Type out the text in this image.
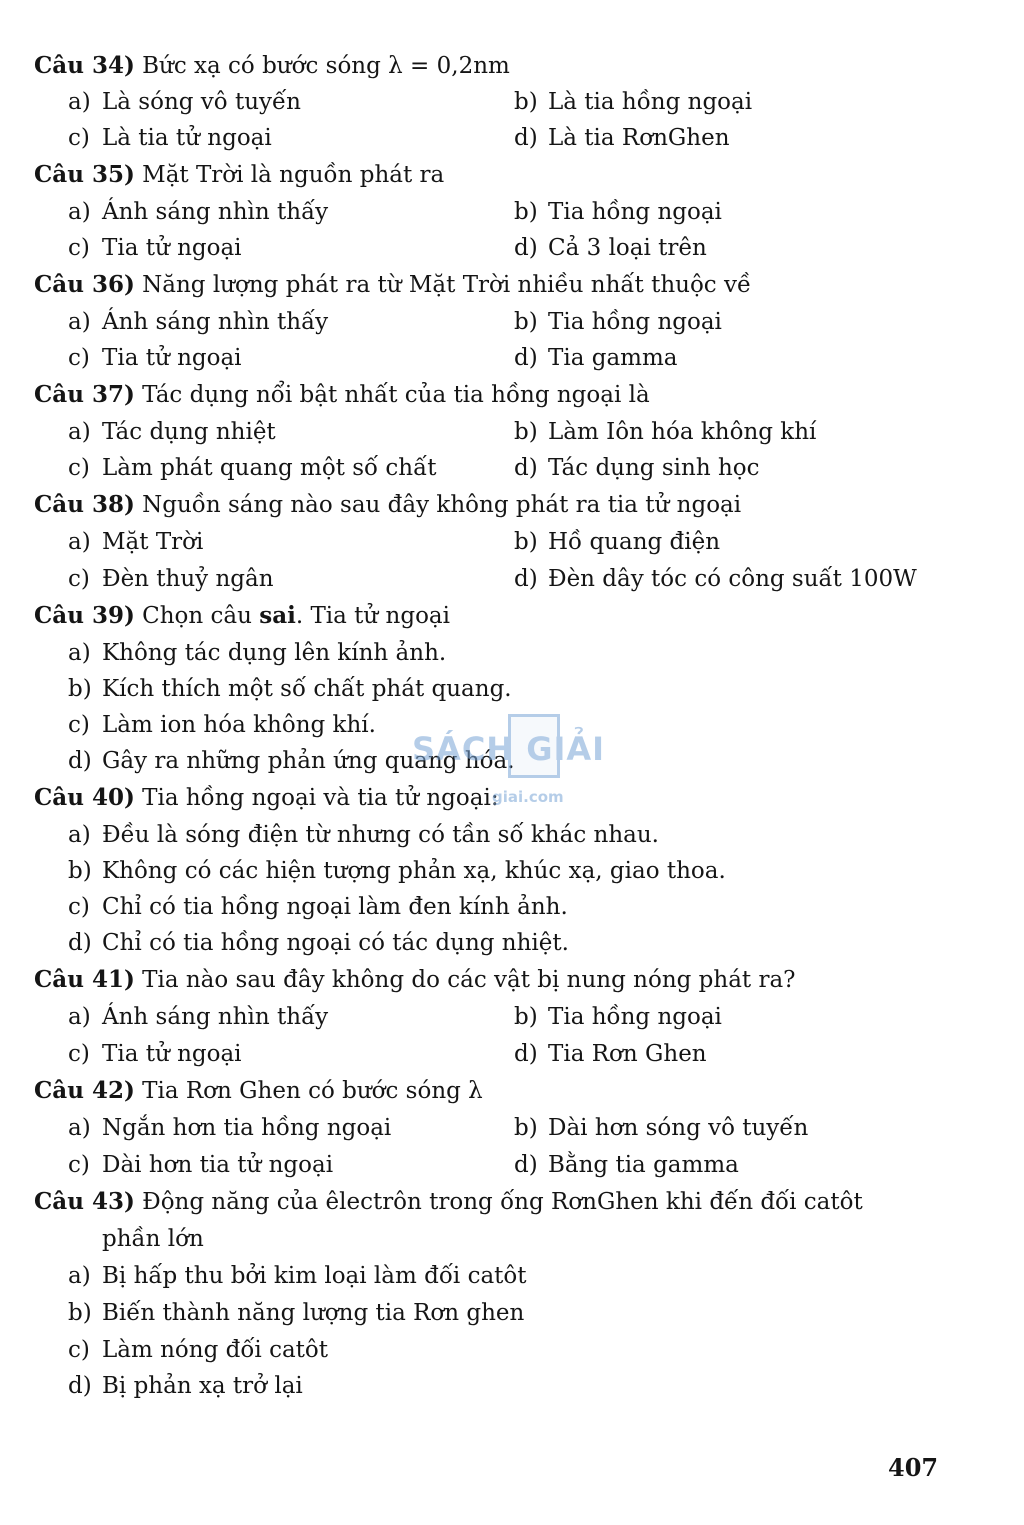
Câu 34) Bức xạ có bước sóng λ = 0,2nm
a) Là sóng vô tuyến	b) Là tia hồng ngoại
c) Là tia tử ngoại	d) Là tia RơnGhen
Câu 35) Mặt Trời là nguồn phát ra
a) Ánh sáng nhìn thấy	b) Tia hồng ngoại
c) Tia tử ngoại	d) Cả 3 loại trên
Câu 36) Năng lượng phát ra từ Mặt Trời nhiều nhất thuộc về
a) Ánh sáng nhìn thấy	b) Tia hồng ngoại
c) Tia tử ngoại	d) Tia gamma
Câu 37) Tác dụng nổi bật nhất của tia hồng ngoại là
a) Tác dụng nhiệt	b) Làm Iôn hóa không khí
c) Làm phát quang một số chất	d) Tác dụng sinh học
Câu 38) Nguồn sáng nào sau đây không phát ra tia tử ngoại
a) Mặt Trời	b) Hồ quang điện
c) Đèn thuỷ ngân	d) Đèn dây tóc có công suất 100W
Câu 39) Chọn câu sai. Tia tử ngoại
a) Không tác dụng lên kính ảnh.
b) Kích thích một số chất phát quang.
c) Làm ion hóa không khí.
d) Gây ra những phản ứng quang hóa.
Câu 40) Tia hồng ngoại và tia tử ngoại:
a) Đều là sóng điện từ nhưng có tần số khác nhau.
b) Không có các hiện tượng phản xạ, khúc xạ, giao thoa.
c) Chỉ có tia hồng ngoại làm đen kính ảnh.
d) Chỉ có tia hồng ngoại có tác dụng nhiệt.
Câu 41) Tia nào sau đây không do các vật bị nung nóng phát ra?
a) Ánh sáng nhìn thấy	b) Tia hồng ngoại
c) Tia tử ngoại	d) Tia Rơn Ghen
Câu 42) Tia Rơn Ghen có bước sóng λ
a) Ngắn hơn tia hồng ngoại	b) Dài hơn sóng vô tuyến
c) Dài hơn tia tử ngoại	d) Bằng tia gamma
Câu 43) Động năng của êlectrôn trong ống RơnGhen khi đến đối catôt
phần lớn
a) Bị hấp thu bởi kim loại làm đối catôt
b) Biến thành năng lượng tia Rơn ghen
c) Làm nóng đối catôt
d) Bị phản xạ trở lại
SÁCH GIẢI
giai.com
407
